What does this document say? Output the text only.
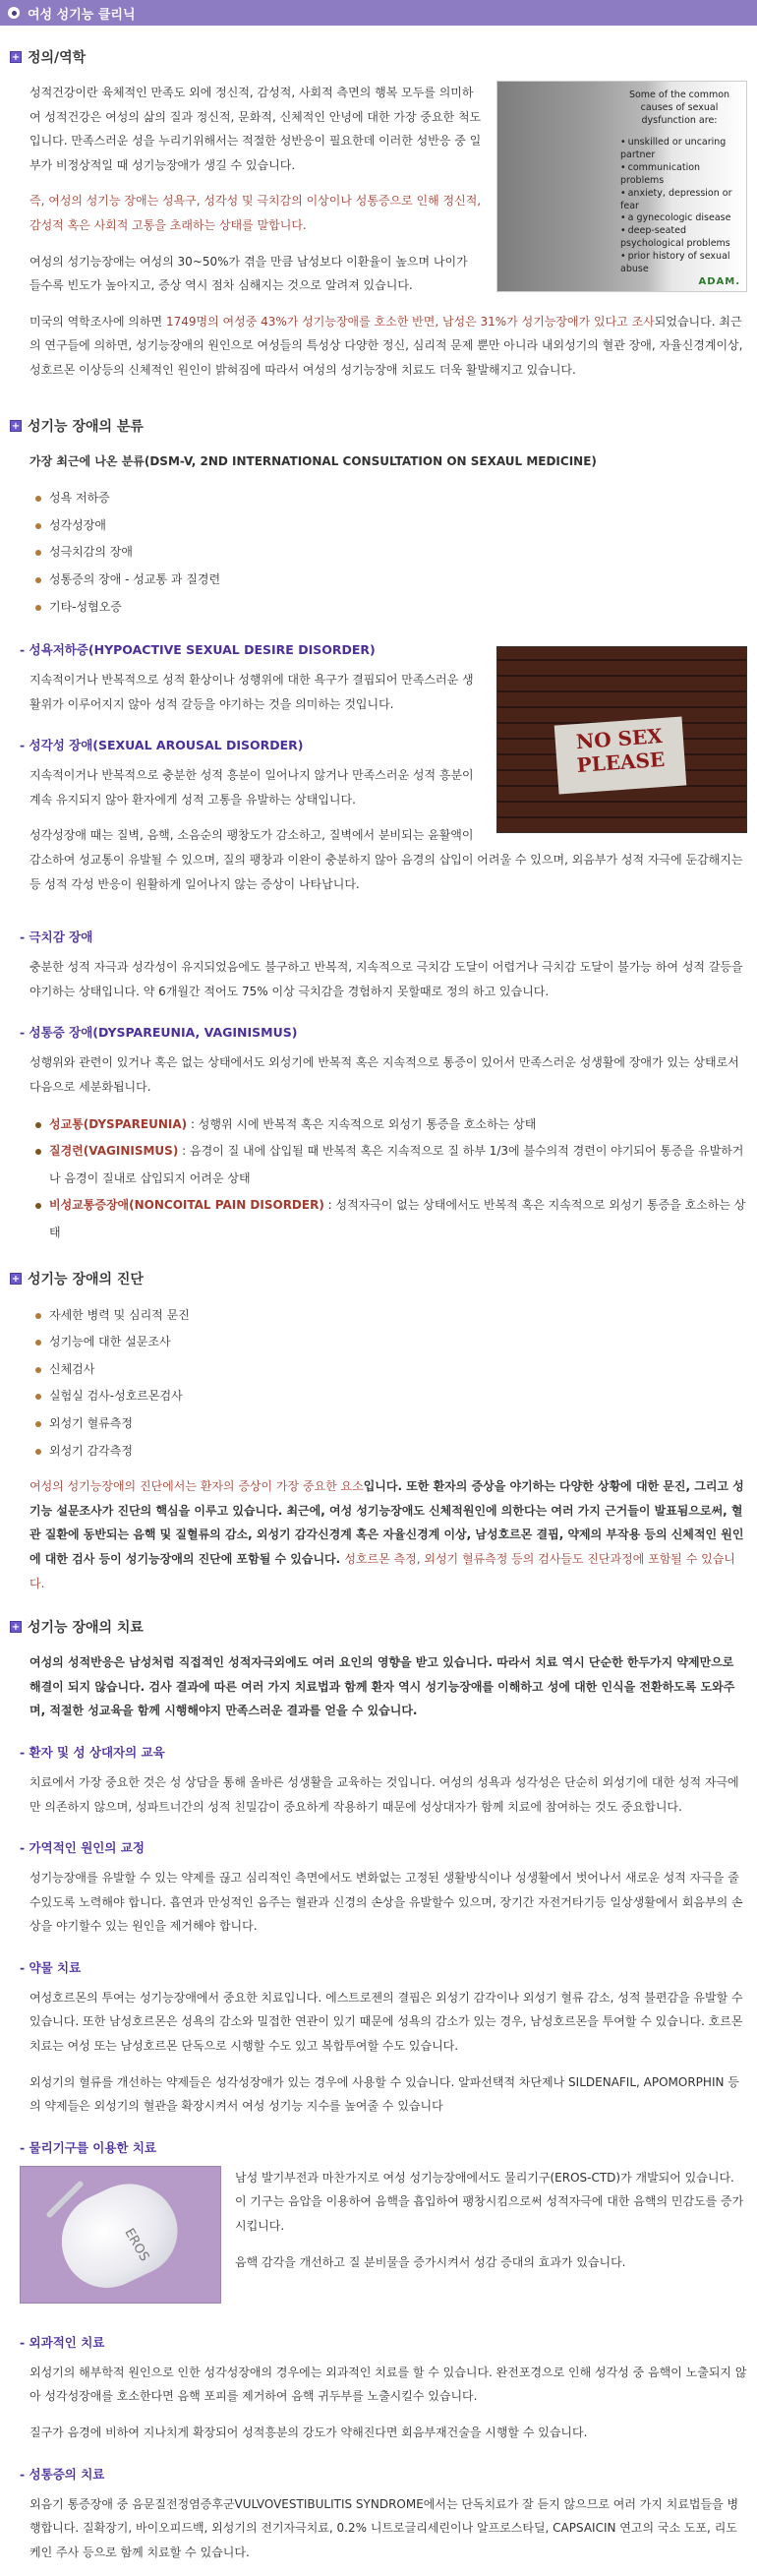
여성 성기능 클리닉
+ 정의/역학
Some of the common causes of sexual dysfunction are:
• unskilled or uncaring partner
• communication problems
• anxiety, depression or fear
• a gynecologic disease
• deep-seated psychological problems
• prior history of sexual abuse
ADAM.

성적건강이란 육체적인 만족도 외에 정신적, 감성적, 사회적 측면의 행복 모두를 의미하여 성적건강은 여성의 삶의 질과 정신적, 문화적, 신체적인 안녕에 대한 가장 중요한 척도입니다. 만족스러운 성을 누리기위해서는 적절한 성반응이 필요한데 이러한 성반응 중 일부가 비정상적일 때 성기능장애가 생길 수 있습니다.

즉, 여성의 성기능 장애는 성욕구, 성각성 및 극치감의 이상이나 성통증으로 인해 정신적, 감성적 혹은 사회적 고통을 초래하는 상태를 말합니다.

여성의 성기능장애는 여성의 30~50%가 겪을 만큼 남성보다 이환율이 높으며 나이가 들수록 빈도가 높아지고, 증상 역시 점차 심해지는 것으로 알려져 있습니다.

미국의 역학조사에 의하면 1749명의 여성중 43%가 성기능장애를 호소한 반면, 남성은 31%가 성기능장애가 있다고 조사되었습니다. 최근의 연구들에 의하면, 성기능장애의 원인으로 여성들의 특성상 다양한 정신, 심리적 문제 뿐만 아니라 내외성기의 혈관 장애, 자율신경계이상, 성호르몬 이상등의 신체적인 원인이 밝혀짐에 따라서 여성의 성기능장애 치료도 더욱 활발해지고 있습니다.

+ 성기능 장애의 분류

가장 최근에 나온 분류(DSM-V, 2ND INTERNATIONAL CONSULTATION ON SEXAUL MEDICINE)

성욕 저하증
성각성장애
성극치감의 장애
성통증의 장애 - 성교통 과 질경련
기타-성혐오증
NO SEX PLEASE
- 성욕저하증(HYPOACTIVE SEXUAL DESIRE DISORDER)

지속적이거나 반복적으로 성적 환상이나 성행위에 대한 욕구가 결핍되어 만족스러운 생활위가 이루어지지 않아 성적 갈등을 야기하는 것을 의미하는 것입니다.

- 성각성 장애(SEXUAL AROUSAL DISORDER)

지속적이거나 반복적으로 충분한 성적 흥분이 일어나지 않거나 만족스러운 성적 흥분이 계속 유지되지 않아 환자에게 성적 고통을 유발하는 상태입니다.

성각성장애 때는 질벽, 음핵, 소음순의 팽창도가 감소하고, 질벽에서 분비되는 윤활액이 감소하여 성교통이 유발될 수 있으며, 질의 팽창과 이완이 충분하지 않아 음경의 삽입이 어려울 수 있으며, 외음부가 성적 자극에 둔감해지는 등 성적 각성 반응이 원활하게 일어나지 않는 증상이 나타납니다.

- 극치감 장애

충분한 성적 자극과 성각성이 유지되었음에도 불구하고 반복적, 지속적으로 극치감 도달이 어렵거나 극치감 도달이 불가능 하여 성적 갈등을 야기하는 상태입니다. 약 6개월간 적어도 75% 이상 극치감을 경험하지 못할때로 정의 하고 있습니다.

- 성통증 장애(DYSPAREUNIA, VAGINISMUS)

성행위와 관련이 있거나 혹은 없는 상태에서도 외성기에 반복적 혹은 지속적으로 통증이 있어서 만족스러운 성생활에 장애가 있는 상태로서 다음으로 세분화됩니다.

성교통(DYSPAREUNIA) : 성행위 시에 반복적 혹은 지속적으로 외성기 통증을 호소하는 상태
질경련(VAGINISMUS) : 음경이 질 내에 삽입될 때 반복적 혹은 지속적으로 질 하부 1/3에 불수의적 경련이 야기되어 통증을 유발하거나 음경이 질내로 삽입되지 어려운 상태
비성교통증장애(NONCOITAL PAIN DISORDER) : 성적자극이 없는 상태에서도 반복적 혹은 지속적으로 외성기 통증을 호소하는 상태
+ 성기능 장애의 진단
자세한 병력 및 심리적 문진
성기능에 대한 설문조사
신체검사
실험실 검사-성호르몬검사
외성기 혈류측정
외성기 감각측정

여성의 성기능장애의 진단에서는 환자의 증상이 가장 중요한 요소입니다. 또한 환자의 증상을 야기하는 다양한 상황에 대한 문진, 그리고 성기능 설문조사가 진단의 핵심을 이루고 있습니다. 최근에, 여성 성기능장애도 신체적원인에 의한다는 여러 가지 근거들이 발표됨으로써, 혈관 질환에 동반되는 음핵 및 질혈류의 감소, 외성기 감각신경계 혹은 자율신경계 이상, 남성호르몬 결핍, 약제의 부작용 등의 신체적인 원인에 대한 검사 등이 성기능장애의 진단에 포함될 수 있습니다. 성호르몬 측정, 외성기 혈류측정 등의 검사들도 진단과정에 포함될 수 있습니다.

+ 성기능 장애의 치료

여성의 성적반응은 남성처럼 직접적인 성적자극외에도 여러 요인의 영향을 받고 있습니다. 따라서 치료 역시 단순한 한두가지 약제만으로 해결이 되지 않습니다. 검사 결과에 따른 여러 가지 치료법과 함께 환자 역시 성기능장애를 이해하고 성에 대한 인식을 전환하도록 도와주며, 적절한 성교육을 함께 시행해야지 만족스러운 결과를 얻을 수 있습니다.

- 환자 및 성 상대자의 교육

치료에서 가장 중요한 것은 성 상담을 통해 올바른 성생활을 교육하는 것입니다. 여성의 성욕과 성각성은 단순히 외성기에 대한 성적 자극에만 의존하지 않으며, 성파트너간의 성적 친밀감이 중요하게 작용하기 때문에 성상대자가 함께 치료에 참여하는 것도 중요합니다.

- 가역적인 원인의 교정

성기능장애를 유발할 수 있는 약제를 끊고 심리적인 측면에서도 변화없는 고정된 생활방식이나 성생활에서 벗어나서 새로운 성적 자극을 줄 수있도록 노력해야 합니다. 흡연과 만성적인 음주는 혈관과 신경의 손상을 유발할수 있으며, 장기간 자전거타기등 일상생활에서 회음부의 손상을 야기할수 있는 원인을 제거해야 합니다.

- 약물 치료

여성호르몬의 투여는 성기능장애에서 중요한 치료입니다. 에스트로젠의 결핍은 외성기 감각이나 외성기 혈류 감소, 성적 불편감을 유발할 수 있습니다. 또한 남성호르몬은 성욕의 감소와 밀접한 연관이 있기 때문에 성욕의 감소가 있는 경우, 남성호르몬을 투여할 수 있습니다. 호르몬 치료는 여성 또는 남성호르몬 단독으로 시행할 수도 있고 복합투여할 수도 있습니다.

외성기의 혈류를 개선하는 약제들은 성각성장애가 있는 경우에 사용할 수 있습니다. 알파선택적 차단제나 SILDENAFIL, APOMORPHIN 등의 약제들은 외성기의 혈관을 확장시켜서 여성 성기능 지수를 높여줄 수 있습니다

- 물리기구를 이용한 치료
EROS

남성 발기부전과 마찬가지로 여성 성기능장애에서도 물리기구(EROS-CTD)가 개발되어 있습니다. 이 기구는 음압을 이용하여 음핵을 흡입하여 팽창시킴으로써 성적자극에 대한 음핵의 민감도를 증가시킵니다.

음핵 감각을 개선하고 질 분비물을 증가시켜서 성감 증대의 효과가 있습니다.

- 외과적인 치료

외성기의 해부학적 원인으로 인한 성각성장애의 경우에는 외과적인 치료를 할 수 있습니다. 완전포경으로 인해 성각성 중 음핵이 노출되지 않아 성각성장애를 호소한다면 음핵 포피를 제거하여 음핵 귀두부를 노출시킬수 있습니다.

질구가 음경에 비하여 지나치게 확장되어 성적흥분의 강도가 약해진다면 회음부재건술을 시행할 수 있습니다.

- 성통증의 치료

외음기 통증장애 중 음문질전정염증후군VULVOVESTIBULITIS SYNDROME에서는 단독치료가 잘 듣지 않으므로 여러 가지 치료법들을 병행합니다. 질확장기, 바이오피드백, 외성기의 전기자극치료, 0.2% 니트로글리세린이나 알프로스타딜, CAPSAICIN 연고의 국소 도포, 리도케인 주사 등으로 함께 치료할 수 있습니다.
